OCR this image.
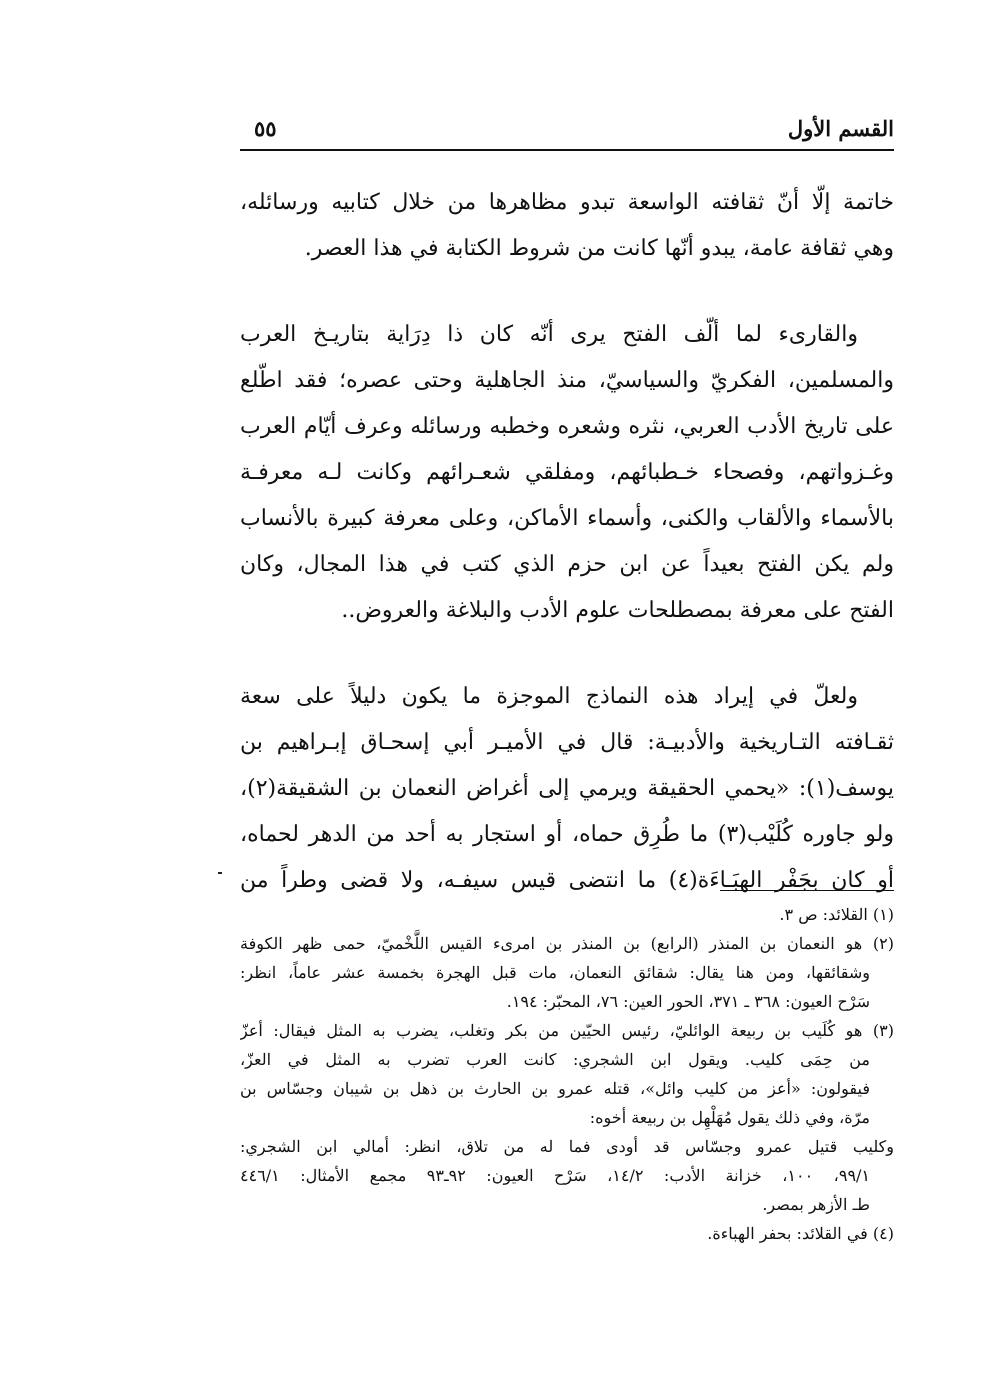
القسم الأول
٥٥
خاتمة إلّا أنّ ثقافته الواسعة تبدو مظاهرها من خلال كتابيه ورسائله،
وهي ثقافة عامة، يبدو أنّها كانت من شروط الكتابة في هذا العصر.
والقارىء لما ألّف الفتح يرى أنّه كان ذا دِرَاية بتاريـخ العرب
والمسلمين، الفكريّ والسياسيّ، منذ الجاهلية وحتى عصره؛ فقد اطّلع
على تاريخ الأدب العربي، نثره وشعره وخطبه ورسائله وعرف أيّام العرب
وغـزواتهم، وفصحاء خـطبائهم، ومفلقي شعـرائهم وكانت لـه معرفـة
بالأسماء والألقاب والكنى، وأسماء الأماكن، وعلى معرفة كبيرة بالأنساب
ولم يكن الفتح بعيداً عن ابن حزم الذي كتب في هذا المجال، وكان
الفتح على معرفة بمصطلحات علوم الأدب والبلاغة والعروض..
ولعلّ في إيراد هذه النماذج الموجزة ما يكون دليلاً على سعة
ثقـافته التـاريخية والأدبيـة: قال في الأميـر أبي إسحـاق إبـراهيم بن
يوسف(١): «يحمي الحقيقة ويرمي إلى أغراض النعمان بن الشقيقة(٢)،
ولو جاوره كُلَيْب(٣) ما طُرِق حماه، أو استجار به أحد من الدهر لحماه،
أو كان بجَفْر الهبَـاءَة(٤) ما انتضى قيس سيفـه، ولا قضى وطراً من
(١) القلائد: ص ٣.
(٢) هو النعمان بن المنذر (الرابع) بن المنذر بن امرىء القيس اللَّخْميّ، حمى ظهر الكوفة
وشقائقها، ومن هنا يقال: شقائق النعمان، مات قبل الهجرة بخمسة عشر عاماً، انظر:
سَرْح العيون: ٣٦٨ ـ ٣٧١، الحور العين: ٧٦، المحبّر: ١٩٤.
(٣) هو كُلَيب بن ربيعة الوائليّ، رئيس الحيّين من بكر وتغلب، يضرب به المثل فيقال: أعزّ
من حِمَى كليب. ويقول ابن الشجري: كانت العرب تضرب به المثل في العزّ،
فيقولون: «أعز من كليب وائل»، قتله عمرو بن الحارث بن ذهل بن شيبان وجسّاس بن
مرّة، وفي ذلك يقول مُهَلْهِل بن ربيعة أخوه:
وكليب قتيل عمرو وجسّاس قد أودى فما له من تلاق، انظر: أمالي ابن الشجري:
٩٩/١، ١٠٠، خزانة الأدب: ١٤/٢، سَرْح العيون: ٩٢ـ٩٣ مجمع الأمثال: ٤٤٦/١
طـ الأزهر بمصر.
(٤) في القلائد: بحفر الهباءة.
